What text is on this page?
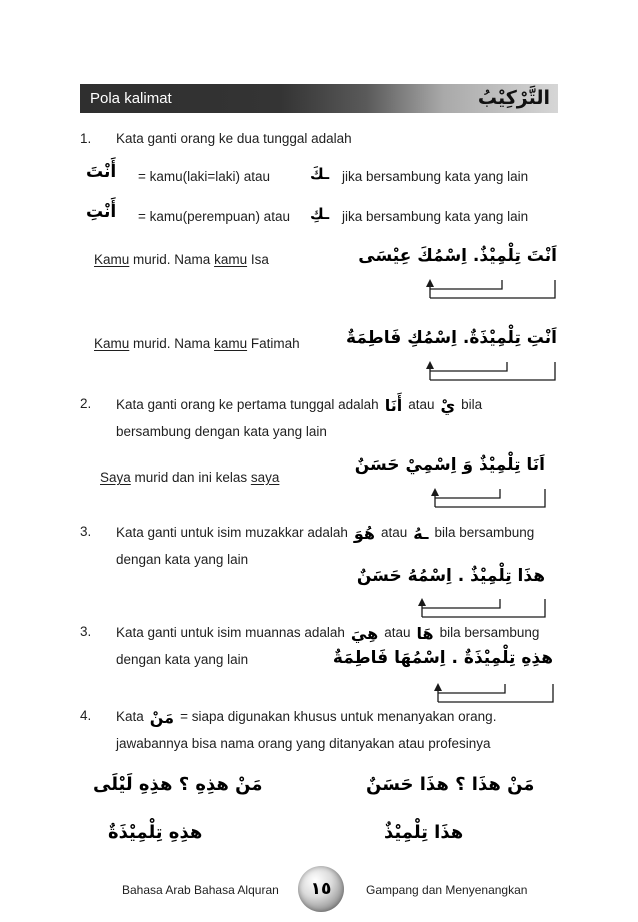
Pola kalimat	التَّرْكِيْبُ
1.	Kata ganti orang ke dua tunggal adalah
أَنْتَ = kamu(laki=laki) atau	ـكَ jika bersambung kata yang lain
أَنْتِ = kamu(perempuan) atau ـكِ jika bersambung kata yang lain
Kamu murid. Nama kamu Isa	اَنْتَ تِلْمِيْذٌ. اِسْمُكَ عِيْسَى
Kamu murid. Nama kamu Fatimah	اَنْتِ تِلْمِيْذَةٌ. اِسْمُكِ فَاطِمَةٌ
2.	Kata ganti orang ke pertama tunggal adalah أَنَا atau يْ bila
bersambung dengan kata yang lain
Saya murid dan ini kelas saya
اَنَا تِلْمِيْذٌ وَ اِسْمِيْ حَسَنٌ
3.	Kata ganti untuk isim muzakkar adalah هُوَ atau ـهُ bila bersambung
dengan kata yang lain
هذَا تِلْمِيْذٌ . اِسْمُهُ حَسَنٌ
3.	Kata ganti untuk isim muannas adalah هِيَ atau هَا bila bersambung
dengan kata yang lain	هذِهِ تِلْمِيْذَةٌ . اِسْمُهَا فَاطِمَةٌ
4.	Kata مَنْ = siapa digunakan khusus untuk menanyakan orang.
jawabannya bisa nama orang yang ditanyakan atau profesinya
مَنْ هذِهِ ؟ هذِهِ لَيْلَى	مَنْ هذَا ؟ هذَا حَسَنٌ
هذِهِ تِلْمِيْذَةٌ	هذَا تِلْمِيْذٌ
Bahasa Arab Bahasa Alquran ١٥	Gampang dan Menyenangkan
